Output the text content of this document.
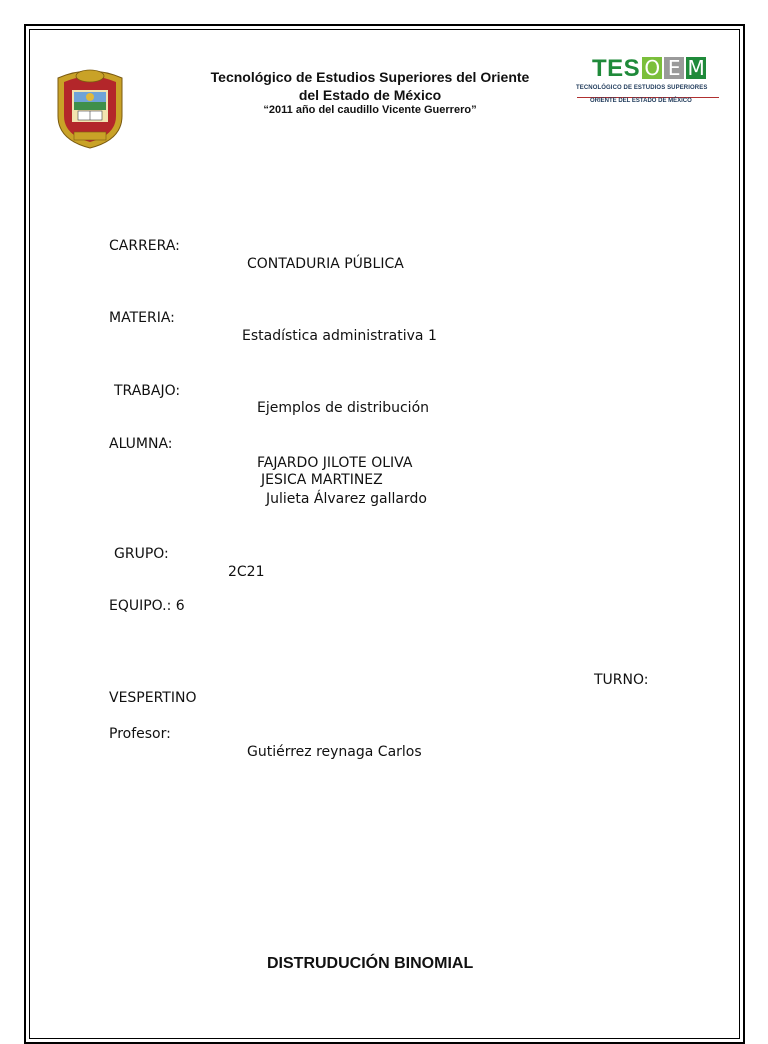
Tecnológico de Estudios Superiores del Oriente
del Estado de México
“2011 año del caudillo Vicente Guerrero”
TES O E M
TECNOLÓGICO DE ESTUDIOS SUPERIORES
ORIENTE DEL ESTADO DE MÉXICO
CARRERA:
CONTADURIA PÚBLICA
MATERIA:
Estadística administrativa 1
TRABAJO:
Ejemplos de distribución
ALUMNA:
FAJARDO JILOTE OLIVA
JESICA MARTINEZ
Julieta Álvarez gallardo
GRUPO:
2C21
EQUIPO.: 6
TURNO:
VESPERTINO
Profesor:
Gutiérrez reynaga Carlos
DISTRUDUCIÓN BINOMIAL
